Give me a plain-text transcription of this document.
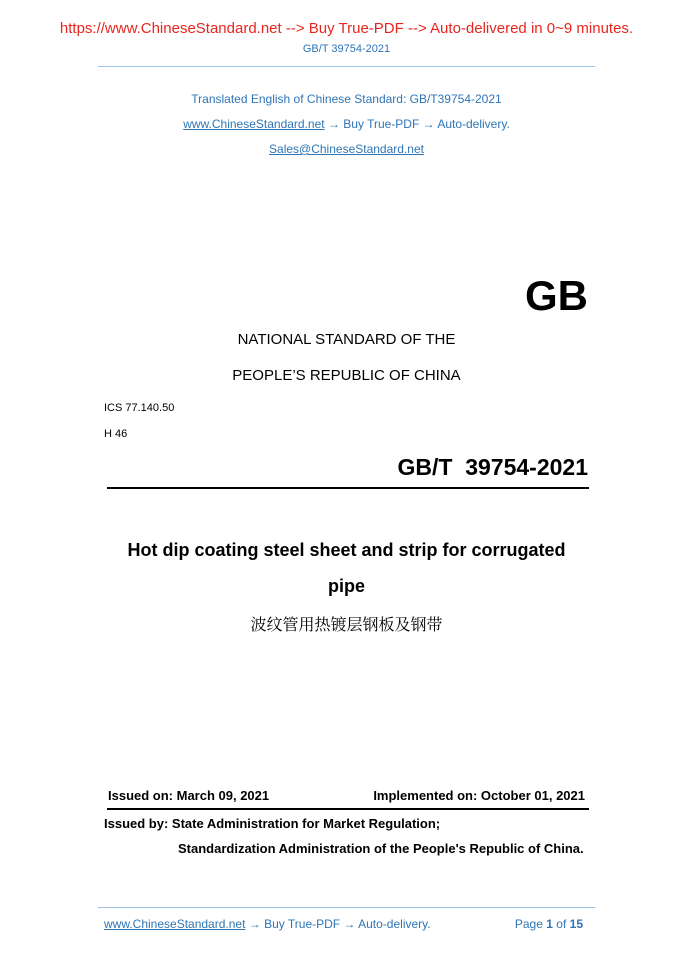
https://www.ChineseStandard.net --> Buy True-PDF --> Auto-delivered in 0~9 minutes.
GB/T 39754-2021
Translated English of Chinese Standard: GB/T39754-2021
www.ChineseStandard.net → Buy True-PDF → Auto-delivery.
Sales@ChineseStandard.net
GB
NATIONAL STANDARD OF THE
PEOPLE’S REPUBLIC OF CHINA
ICS 77.140.50
H 46
GB/T  39754-2021
Hot dip coating steel sheet and strip for corrugated
pipe
波纹管用热镀层钢板及钢带
Issued on: March 09, 2021	Implemented on: October 01, 2021
Issued by: State Administration for Market Regulation;
Standardization Administration of the People's Republic of China.
www.ChineseStandard.net → Buy True-PDF → Auto-delivery.	Page 1 of 15
